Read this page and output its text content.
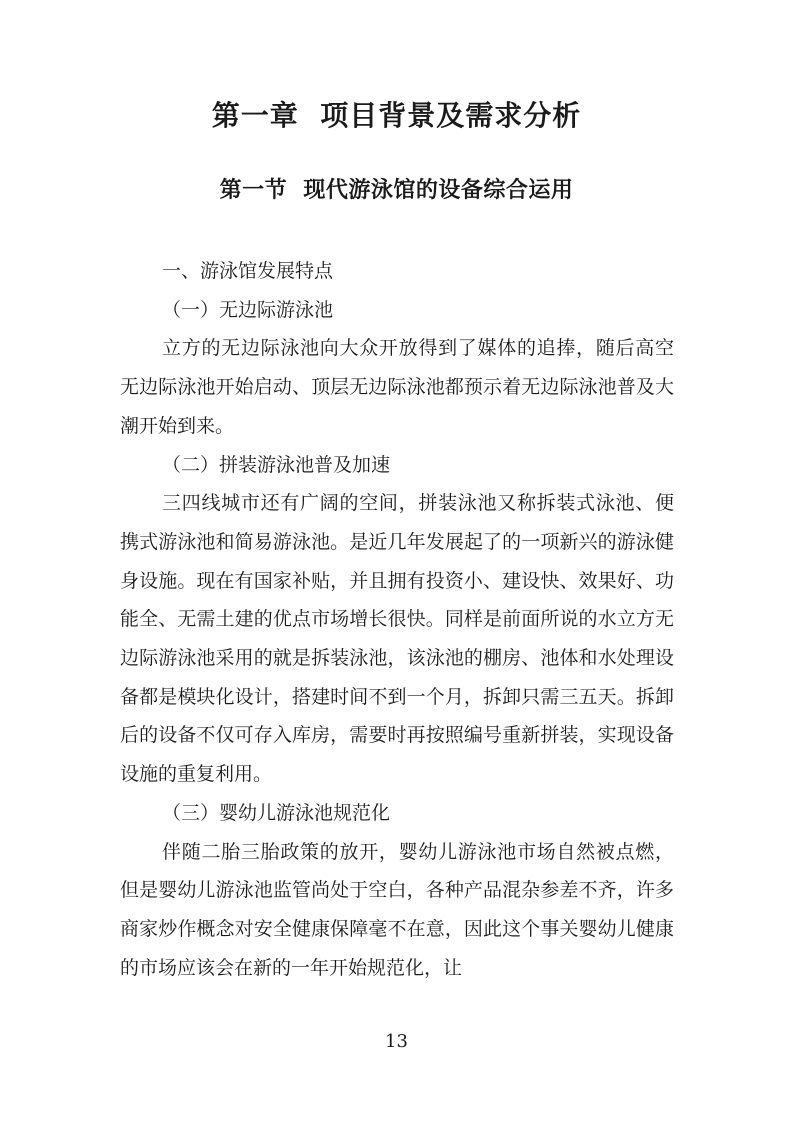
第一章  项目背景及需求分析
第一节  现代游泳馆的设备综合运用

一、游泳馆发展特点

（一）无边际游泳池

立方的无边际泳池向大众开放得到了媒体的追捧，随后高空无边际泳池开始启动、顶层无边际泳池都预示着无边际泳池普及大潮开始到来。

（二）拼装游泳池普及加速

三四线城市还有广阔的空间，拼装泳池又称拆装式泳池、便携式游泳池和简易游泳池。是近几年发展起了的一项新兴的游泳健身设施。现在有国家补贴，并且拥有投资小、建设快、效果好、功能全、无需土建的优点市场增长很快。同样是前面所说的水立方无边际游泳池采用的就是拆装泳池，该泳池的棚房、池体和水处理设备都是模块化设计，搭建时间不到一个月，拆卸只需三五天。拆卸后的设备不仅可存入库房，需要时再按照编号重新拼装，实现设备设施的重复利用。

（三）婴幼儿游泳池规范化

伴随二胎三胎政策的放开，婴幼儿游泳池市场自然被点燃，但是婴幼儿游泳池监管尚处于空白，各种产品混杂参差不齐，许多商家炒作概念对安全健康保障毫不在意，因此这个事关婴幼儿健康的市场应该会在新的一年开始规范化，让

13
